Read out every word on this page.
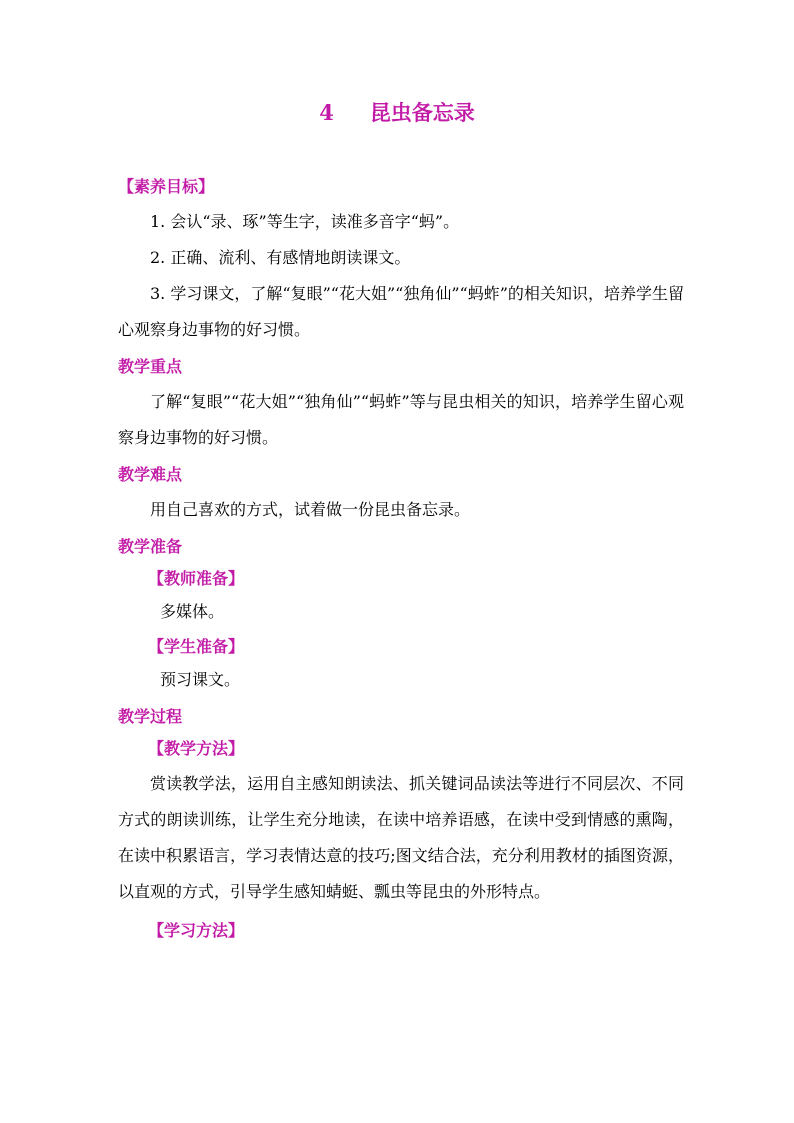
4 昆虫备忘录
【素养目标】

1. 会认“录、琢”等生字，读准多音字“蚂”。

2. 正确、流利、有感情地朗读课文。

3. 学习课文，了解“复眼”“花大姐”“独角仙”“蚂蚱”的相关知识，培养学生留心观察身边事物的好习惯。

教学重点

了解“复眼”“花大姐”“独角仙”“蚂蚱”等与昆虫相关的知识，培养学生留心观察身边事物的好习惯。

教学难点

用自己喜欢的方式，试着做一份昆虫备忘录。

教学准备
【教师准备】

多媒体。

【学生准备】

预习课文。

教学过程
【教学方法】

赏读教学法，运用自主感知朗读法、抓关键词品读法等进行不同层次、不同方式的朗读训练，让学生充分地读，在读中培养语感，在读中受到情感的熏陶，在读中积累语言，学习表情达意的技巧;图文结合法，充分利用教材的插图资源，以直观的方式，引导学生感知蜻蜓、瓢虫等昆虫的外形特点。

【学习方法】
